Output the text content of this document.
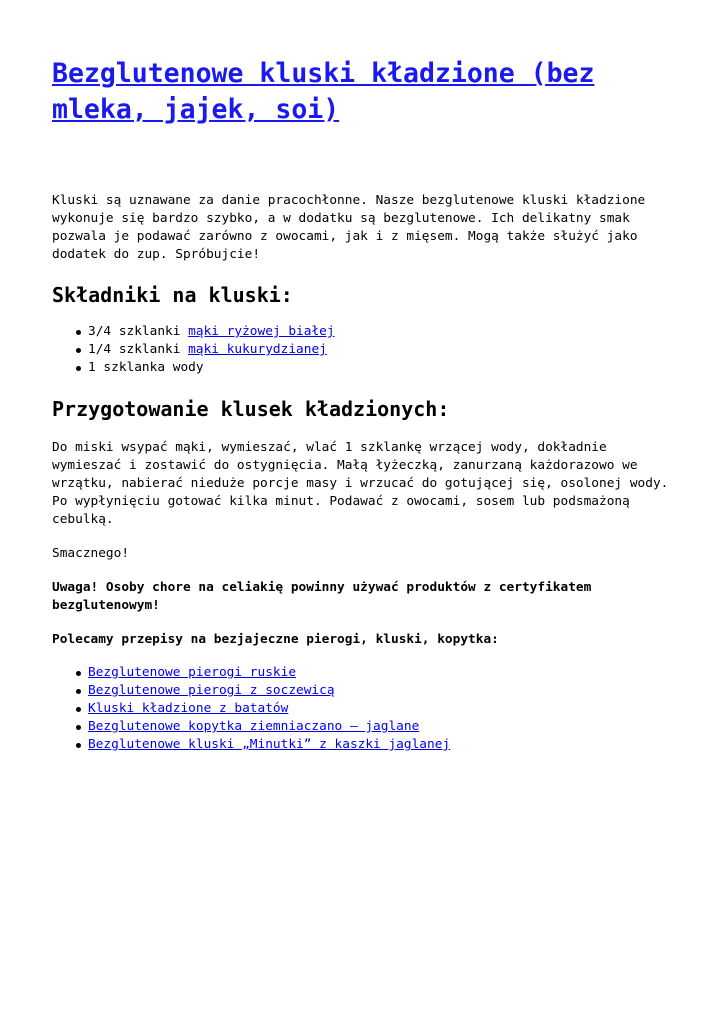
Bezglutenowe kluski kładzione (bez mleka, jajek, soi)

Kluski są uznawane za danie pracochłonne. Nasze bezglutenowe kluski kładzione wykonuje się bardzo szybko, a w dodatku są bezglutenowe. Ich delikatny smak pozwala je podawać zarówno z owocami, jak i z mięsem. Mogą także służyć jako dodatek do zup. Spróbujcie!

Składniki na kluski:
3/4 szklanki mąki ryżowej białej
1/4 szklanki mąki kukurydzianej
1 szklanka wody
Przygotowanie klusek kładzionych:

Do miski wsypać mąki, wymieszać, wlać 1 szklankę wrzącej wody, dokładnie wymieszać i zostawić do ostygnięcia. Małą łyżeczką, zanurzaną każdorazowo we wrzątku, nabierać nieduże porcje masy i wrzucać do gotującej się, osolonej wody. Po wypłynięciu gotować kilka minut. Podawać z owocami, sosem lub podsmażoną cebulką.

Smacznego!

Uwaga! Osoby chore na celiakię powinny używać produktów z certyfikatem bezglutenowym!

Polecamy przepisy na bezjajeczne pierogi, kluski, kopytka:

Bezglutenowe pierogi ruskie
Bezglutenowe pierogi z soczewicą
Kluski kładzione z batatów
Bezglutenowe kopytka ziemniaczano – jaglane
Bezglutenowe kluski „Minutki” z kaszki jaglanej
